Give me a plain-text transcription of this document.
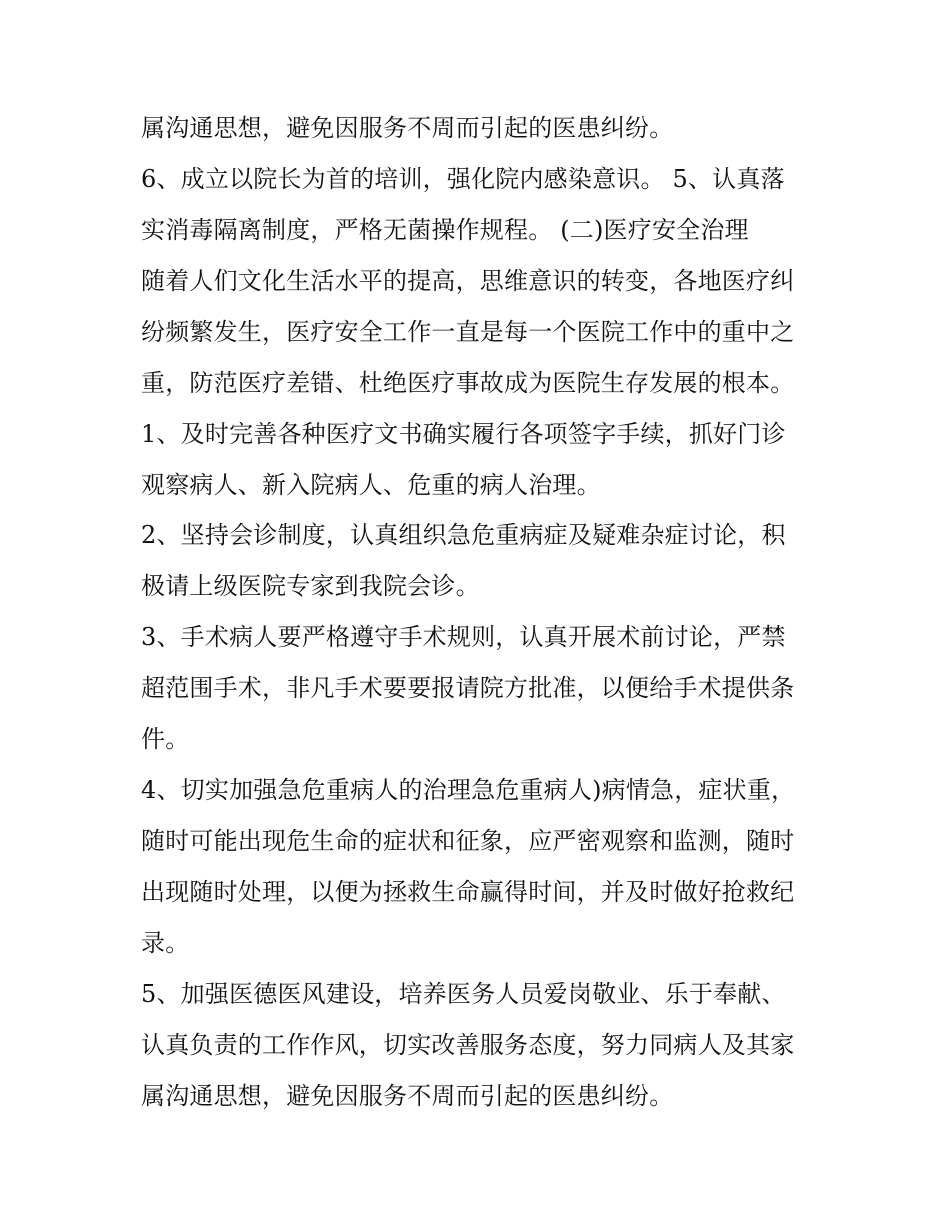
属沟通思想，避免因服务不周而引起的医患纠纷。
6、成立以院长为首的培训，强化院内感染意识。 5、认真落
实消毒隔离制度，严格无菌操作规程。 (二)医疗安全治理
随着人们文化生活水平的提高，思维意识的转变，各地医疗纠
纷频繁发生，医疗安全工作一直是每一个医院工作中的重中之
重，防范医疗差错、杜绝医疗事故成为医院生存发展的根本。
1、及时完善各种医疗文书确实履行各项签字手续，抓好门诊
观察病人、新入院病人、危重的病人治理。
2、坚持会诊制度，认真组织急危重病症及疑难杂症讨论，积
极请上级医院专家到我院会诊。
3、手术病人要严格遵守手术规则，认真开展术前讨论，严禁
超范围手术，非凡手术要要报请院方批准，以便给手术提供条
件。
4、切实加强急危重病人的治理急危重病人)病情急，症状重，
随时可能出现危生命的症状和征象，应严密观察和监测，随时
出现随时处理，以便为拯救生命赢得时间，并及时做好抢救纪
录。
5、加强医德医风建设，培养医务人员爱岗敬业、乐于奉献、
认真负责的工作作风，切实改善服务态度，努力同病人及其家
属沟通思想，避免因服务不周而引起的医患纠纷。
